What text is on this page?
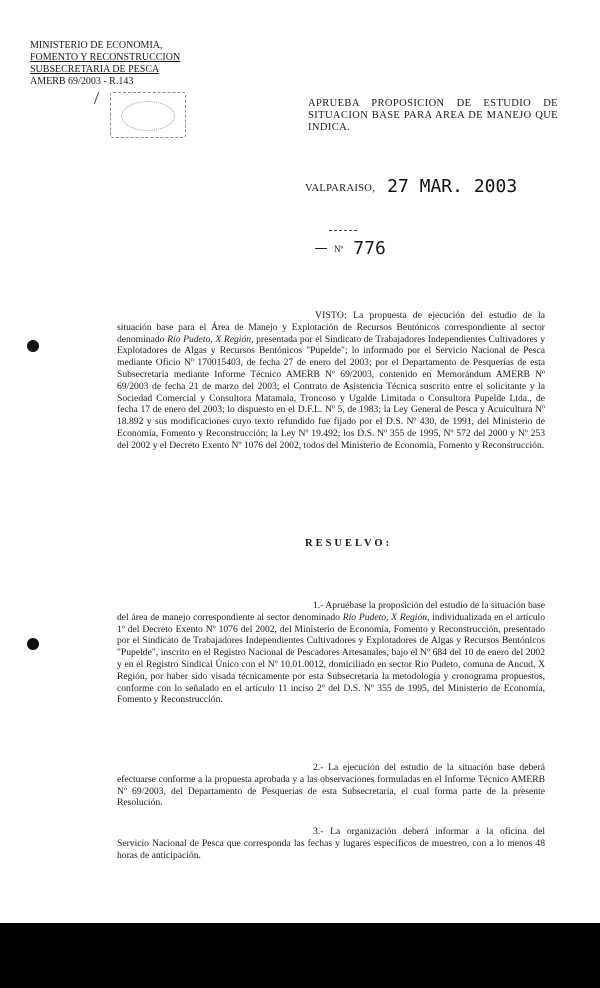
MINISTERIO DE ECONOMIA,
FOMENTO Y RECONSTRUCCION
SUBSECRETARIA DE PESCA
AMERB 69/2003 - R.143
APRUEBA PROPOSICION DE ESTUDIO DE SITUACION BASE PARA AREA DE MANEJO QUE INDICA.
VALPARAISO, 27 MAR. 2003
Nº 776
VISTO: La propuesta de ejecución del estudio de la situación base para el Área de Manejo y Explotación de Recursos Bentónicos correspondiente al sector denominado Río Pudeto, X Región, presentada por el Sindicato de Trabajadores Independientes Cultivadores y Explotadores de Algas y Recursos Bentónicos "Pupelde"; lo informado por el Servicio Nacional de Pesca mediante Oficio Nº 170015403, de fecha 27 de enero del 2003; por el Departamento de Pesquerías de esta Subsecretaría mediante Informe Técnico AMERB Nº 69/2003, contenido en Memorándum AMERB Nº 69/2003 de fecha 21 de marzo del 2003; el Contrato de Asistencia Técnica suscrito entre el solicitante y la Sociedad Comercial y Consultora Matamala, Troncoso y Ugalde Limitada o Consultora Pupelde Ltda., de fecha 17 de enero del 2003; lo dispuesto en el D.F.L. Nº 5, de 1983; la Ley General de Pesca y Acuicultura Nº 18.892 y sus modificaciones cuyo texto refundido fue fijado por el D.S. Nº 430, de 1991, del Ministerio de Economía, Fomento y Reconstrucción; la Ley Nº 19.492; los D.S. Nº 355 de 1995, Nº 572 del 2000 y Nº 253 del 2002 y el Decreto Exento Nº 1076 del 2002, todos del Ministerio de Economía, Fomento y Reconstrucción.
RESUELVO:
1.- Apruébase la proposición del estudio de la situación base del área de manejo correspondiente al sector denominado Río Pudeto, X Región, individualizada en el artículo 1º del Decreto Exento Nº 1076 del 2002, del Ministerio de Economía, Fomento y Reconstrucción, presentado por el Sindicato de Trabajadores Independientes Cultivadores y Explotadores de Algas y Recursos Bentónicos "Pupelde", inscrito en el Registro Nacional de Pescadores Artesanales, bajo el Nº 684 del 10 de enero del 2002 y en el Registro Sindical Único con el Nº 10.01.0012, domiciliado en sector Río Pudeto, comuna de Ancud, X Región, por haber sido visada técnicamente por esta Subsecretaría la metodología y cronograma propuestos, conforme con lo señalado en el artículo 11 inciso 2º del D.S. Nº 355 de 1995, del Ministerio de Economía, Fomento y Reconstrucción.
2.- La ejecución del estudio de la situación base deberá efectuarse conforme a la propuesta aprobada y a las observaciones formuladas en el Informe Técnico AMERB Nº 69/2003, del Departamento de Pesquerías de esta Subsecretaría, el cual forma parte de la presente Resolución.
3.- La organización deberá informar a la oficina del Servicio Nacional de Pesca que corresponda las fechas y lugares específicos de muestreo, con a lo menos 48 horas de anticipación.
